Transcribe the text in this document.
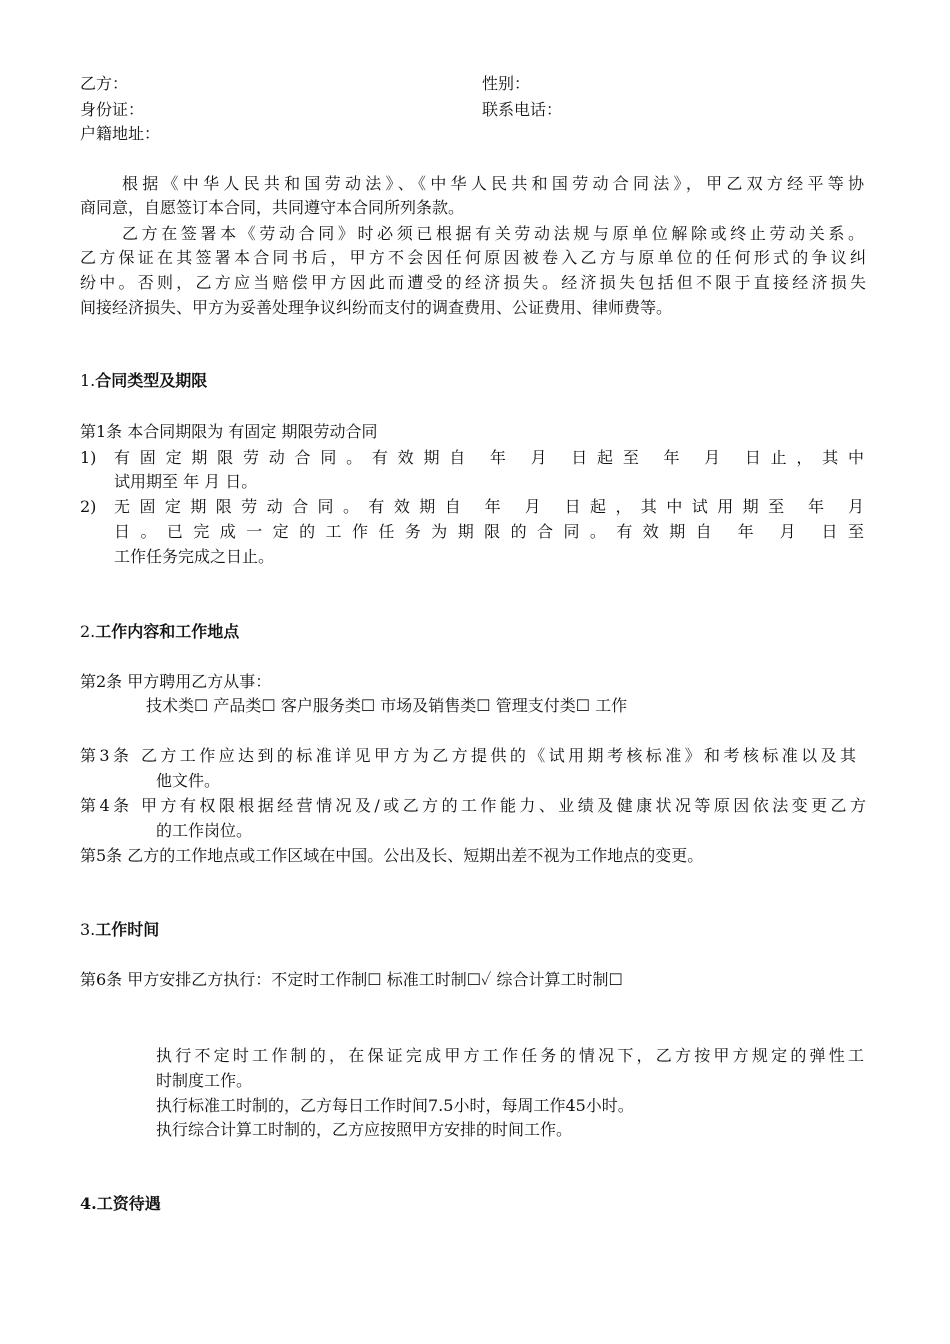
乙方：	性别：
身份证：	联系电话：
户籍地址：
根据《中华人民共和国劳动法》、《中华人民共和国劳动合同法》，甲乙双方经平等协
商同意，自愿签订本合同，共同遵守本合同所列条款。
乙方在签署本《劳动合同》时必须已根据有关劳动法规与原单位解除或终止劳动关系。
乙方保证在其签署本合同书后，甲方不会因任何原因被卷入乙方与原单位的任何形式的争议纠
纷中。否则，乙方应当赔偿甲方因此而遭受的经济损失。经济损失包括但不限于直接经济损失
间接经济损失、甲方为妥善处理争议纠纷而支付的调查费用、公证费用、律师费等。
1.合同类型及期限
第1条 本合同期限为 有固定 期限劳动合同
1)	有固定期限劳动合同。有效期自 年 月 日起至 年 月 日止，其中
试用期至 年 月 日。
2)	无固定期限劳动合同。有效期自 年 月 日起，其中试用期至 年 月
日。已完成一定的工作任务为期限的合同。有效期自 年 月 日至
工作任务完成之日止。
2.工作内容和工作地点
第2条 甲方聘用乙方从事：
技术类☐ 产品类☐ 客户服务类☐ 市场及销售类☐ 管理支付类☐ 工作
第3条 乙方工作应达到的标准详见甲方为乙方提供的《试用期考核标准》和考核标准以及其
他文件。
第4条 甲方有权限根据经营情况及/或乙方的工作能力、业绩及健康状况等原因依法变更乙方
的工作岗位。
第5条 乙方的工作地点或工作区域在中国。公出及长、短期出差不视为工作地点的变更。
3.工作时间
第6条 甲方安排乙方执行：不定时工作制☐ 标准工时制☐✓ 综合计算工时制☐
执行不定时工作制的，在保证完成甲方工作任务的情况下，乙方按甲方规定的弹性工
时制度工作。
执行标准工时制的，乙方每日工作时间7.5小时，每周工作45小时。
执行综合计算工时制的，乙方应按照甲方安排的时间工作。
4.工资待遇
